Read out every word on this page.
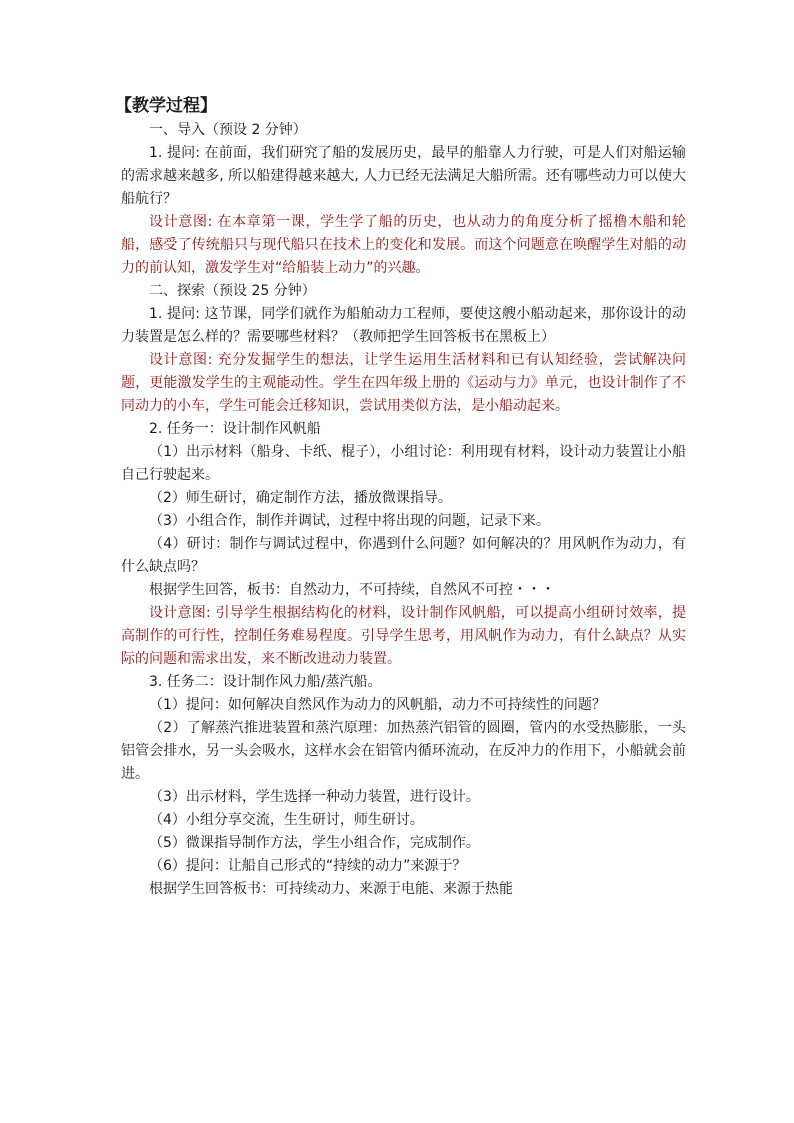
【教学过程】

一、导入（预设 2 分钟）

1. 提问: 在前面，我们研究了船的发展历史，最早的船靠人力行驶，可是人们对船运输的需求越来越多, 所以船建得越来越大, 人力已经无法满足大船所需。还有哪些动力可以使大船航行？

设计意图: 在本章第一课，学生学了船的历史，也从动力的角度分析了摇橹木船和轮船，感受了传统船只与现代船只在技术上的变化和发展。而这个问题意在唤醒学生对船的动力的前认知，激发学生对“给船装上动力”的兴趣。

二、探索（预设 25 分钟）

1. 提问: 这节课，同学们就作为船舶动力工程师，要使这艘小船动起来，那你设计的动力装置是怎么样的？需要哪些材料？（教师把学生回答板书在黑板上）

设计意图: 充分发掘学生的想法，让学生运用生活材料和已有认知经验，尝试解决问题，更能激发学生的主观能动性。学生在四年级上册的《运动与力》单元，也设计制作了不同动力的小车，学生可能会迁移知识，尝试用类似方法，是小船动起来。

2. 任务一：设计制作风帆船

（1）出示材料（船身、卡纸、棍子），小组讨论：利用现有材料，设计动力装置让小船自己行驶起来。

（2）师生研讨，确定制作方法，播放微课指导。

（3）小组合作，制作并调试，过程中将出现的问题，记录下来。

（4）研讨：制作与调试过程中，你遇到什么问题？如何解决的？用风帆作为动力，有什么缺点吗？

根据学生回答，板书：自然动力，不可持续，自然风不可控・・・

设计意图: 引导学生根据结构化的材料，设计制作风帆船，可以提高小组研讨效率，提高制作的可行性，控制任务难易程度。引导学生思考，用风帆作为动力，有什么缺点？从实际的问题和需求出发，来不断改进动力装置。

3. 任务二：设计制作风力船/蒸汽船。

（1）提问：如何解决自然风作为动力的风帆船，动力不可持续性的问题？

（2）了解蒸汽推进装置和蒸汽原理：加热蒸汽铝管的圆圈，管内的水受热膨胀，一头铝管会排水，另一头会吸水，这样水会在铝管内循环流动，在反冲力的作用下，小船就会前进。

（3）出示材料，学生选择一种动力装置，进行设计。

（4）小组分享交流，生生研讨，师生研讨。

（5）微课指导制作方法，学生小组合作，完成制作。

（6）提问：让船自己形式的“持续的动力”来源于？

根据学生回答板书：可持续动力、来源于电能、来源于热能
